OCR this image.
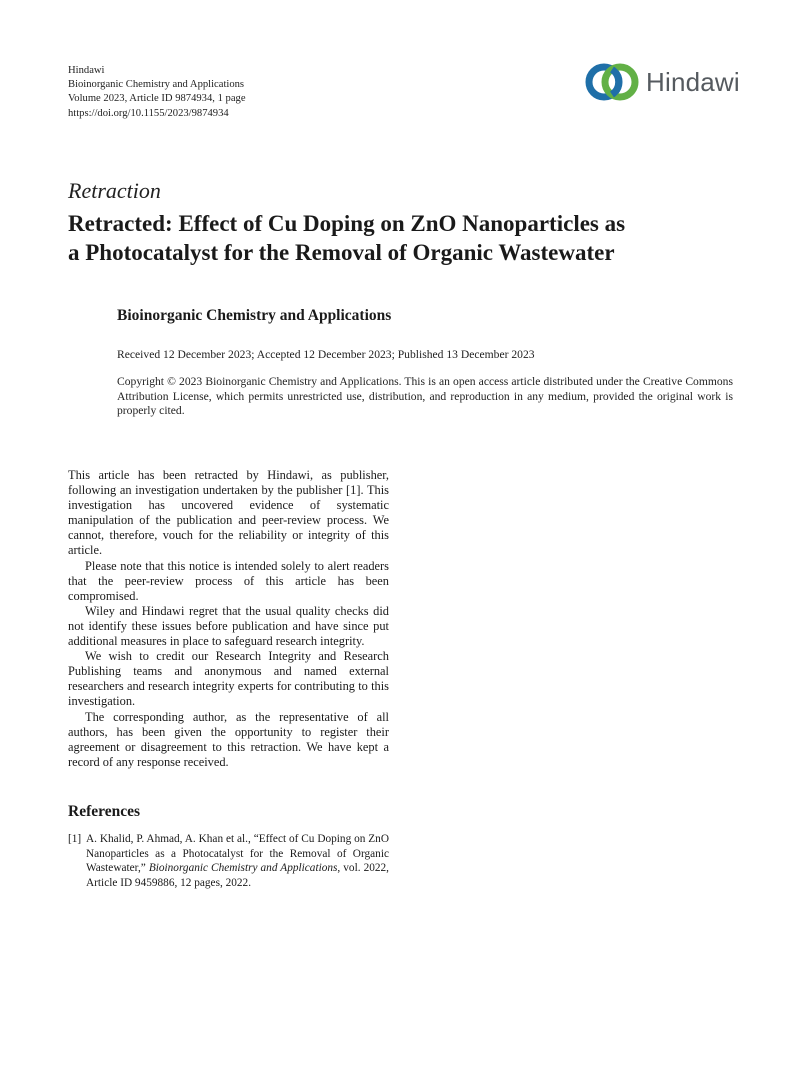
Hindawi
Bioinorganic Chemistry and Applications
Volume 2023, Article ID 9874934, 1 page
https://doi.org/10.1155/2023/9874934
Hindawi
Retraction
Retracted: Effect of Cu Doping on ZnO Nanoparticles as
a Photocatalyst for the Removal of Organic Wastewater
Bioinorganic Chemistry and Applications
Received 12 December 2023; Accepted 12 December 2023; Published 13 December 2023
Copyright © 2023 Bioinorganic Chemistry and Applications. This is an open access article distributed under the Creative Commons Attribution License, which permits unrestricted use, distribution, and reproduction in any medium, provided the original work is properly cited.

This article has been retracted by Hindawi, as publisher, following an investigation undertaken by the publisher [1]. This investigation has uncovered evidence of systematic manipulation of the publication and peer-review process. We cannot, therefore, vouch for the reliability or integrity of this article.

Please note that this notice is intended solely to alert readers that the peer-review process of this article has been compromised.

Wiley and Hindawi regret that the usual quality checks did not identify these issues before publication and have since put additional measures in place to safeguard research integrity.

We wish to credit our Research Integrity and Research Publishing teams and anonymous and named external researchers and research integrity experts for contributing to this investigation.

The corresponding author, as the representative of all authors, has been given the opportunity to register their agreement or disagreement to this retraction. We have kept a record of any response received.

References
[1] A. Khalid, P. Ahmad, A. Khan et al., “Effect of Cu Doping on ZnO Nanoparticles as a Photocatalyst for the Removal of Organic Wastewater,” Bioinorganic Chemistry and Applications, vol. 2022, Article ID 9459886, 12 pages, 2022.
